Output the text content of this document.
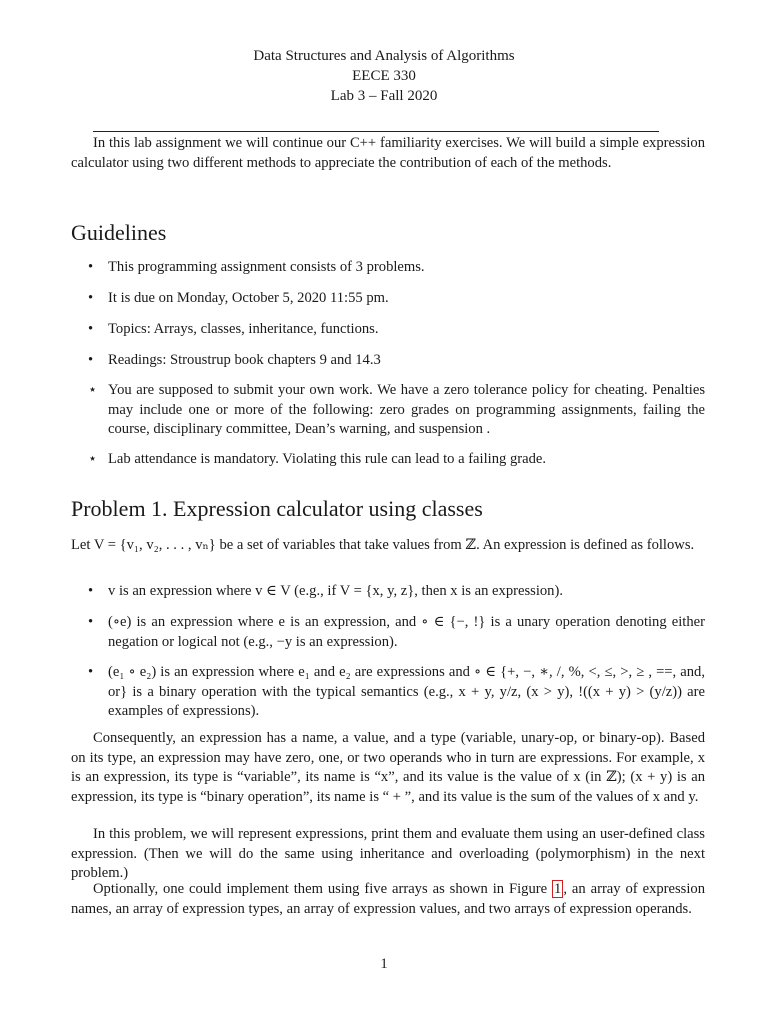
Data Structures and Analysis of Algorithms
EECE 330
Lab 3 – Fall 2020
In this lab assignment we will continue our C++ familiarity exercises. We will build a simple expression calculator using two different methods to appreciate the contribution of each of the methods.
Guidelines
•	This programming assignment consists of 3 problems.
•	It is due on Monday, October 5, 2020 11:55 pm.
•	Topics: Arrays, classes, inheritance, functions.
•	Readings: Stroustrup book chapters 9 and 14.3
⋆ You are supposed to submit your own work. We have a zero tolerance policy for cheating. Penalties may include one or more of the following: zero grades on programming assignments, failing the course, disciplinary committee, Dean’s warning, and suspension .
⋆ Lab attendance is mandatory. Violating this rule can lead to a failing grade.
Problem 1. Expression calculator using classes
Let V = {v₁, v₂, . . . , vₙ} be a set of variables that take values from ℤ. An expression is defined as follows.
•	v is an expression where v ∈ V (e.g., if V = {x, y, z}, then x is an expression).
•	(∘e) is an expression where e is an expression, and ∘ ∈ {−, !} is a unary operation denoting either negation or logical not (e.g., −y is an expression).
•	(e₁ ∘ e₂) is an expression where e₁ and e₂ are expressions and ∘ ∈ {+, −, ∗, /, %, <, ≤, >, ≥ , ==, and, or} is a binary operation with the typical semantics (e.g., x + y, y/z, (x > y), !((x + y) > (y/z)) are examples of expressions).
Consequently, an expression has a name, a value, and a type (variable, unary-op, or binary-op). Based on its type, an expression may have zero, one, or two operands who in turn are expressions. For example, x is an expression, its type is “variable”, its name is “x”, and its value is the value of x (in ℤ); (x + y) is an expression, its type is “binary operation”, its name is “ + ”, and its value is the sum of the values of x and y.
In this problem, we will represent expressions, print them and evaluate them using an user-defined class expression. (Then we will do the same using inheritance and overloading (polymorphism) in the next problem.)
Optionally, one could implement them using five arrays as shown in Figure 1 , an array of expression names, an array of expression types, an array of expression values, and two arrays of expression operands.
1
